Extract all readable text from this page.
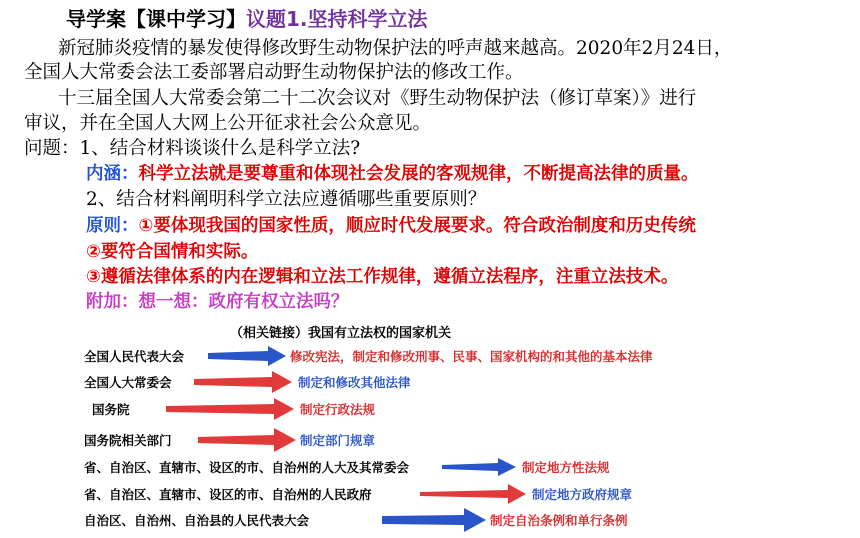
导学案【课中学习】议题1.坚持科学立法
新冠肺炎疫情的暴发使得修改野生动物保护法的呼声越来越高。2020年2月24日，
全国人大常委会法工委部署启动野生动物保护法的修改工作。
十三届全国人大常委会第二十二次会议对《野生动物保护法（修订草案）》进行
审议，并在全国人大网上公开征求社会公众意见。
问题：1、结合材料谈谈什么是科学立法?
内涵：科学立法就是要尊重和体现社会发展的客观规律，不断提高法律的质量。
2、结合材料阐明科学立法应遵循哪些重要原则？
原则：①要体现我国的国家性质，顺应时代发展要求。符合政治制度和历史传统
②要符合国情和实际。
③遵循法律体系的内在逻辑和立法工作规律，遵循立法程序，注重立法技术。
附加：想一想：政府有权立法吗？
（相关链接）我国有立法权的国家机关
全国人民代表大会	修改宪法，制定和修改刑事、民事、国家机构的和其他的基本法律
全国人大常委会	制定和修改其他法律
国务院	制定行政法规
国务院相关部门	制定部门规章
省、自治区、直辖市、设区的市、自治州的人大及其常委会	制定地方性法规
省、自治区、直辖市、设区的市、自治州的人民政府	制定地方政府规章
自治区、自治州、自治县的人民代表大会	制定自治条例和单行条例
